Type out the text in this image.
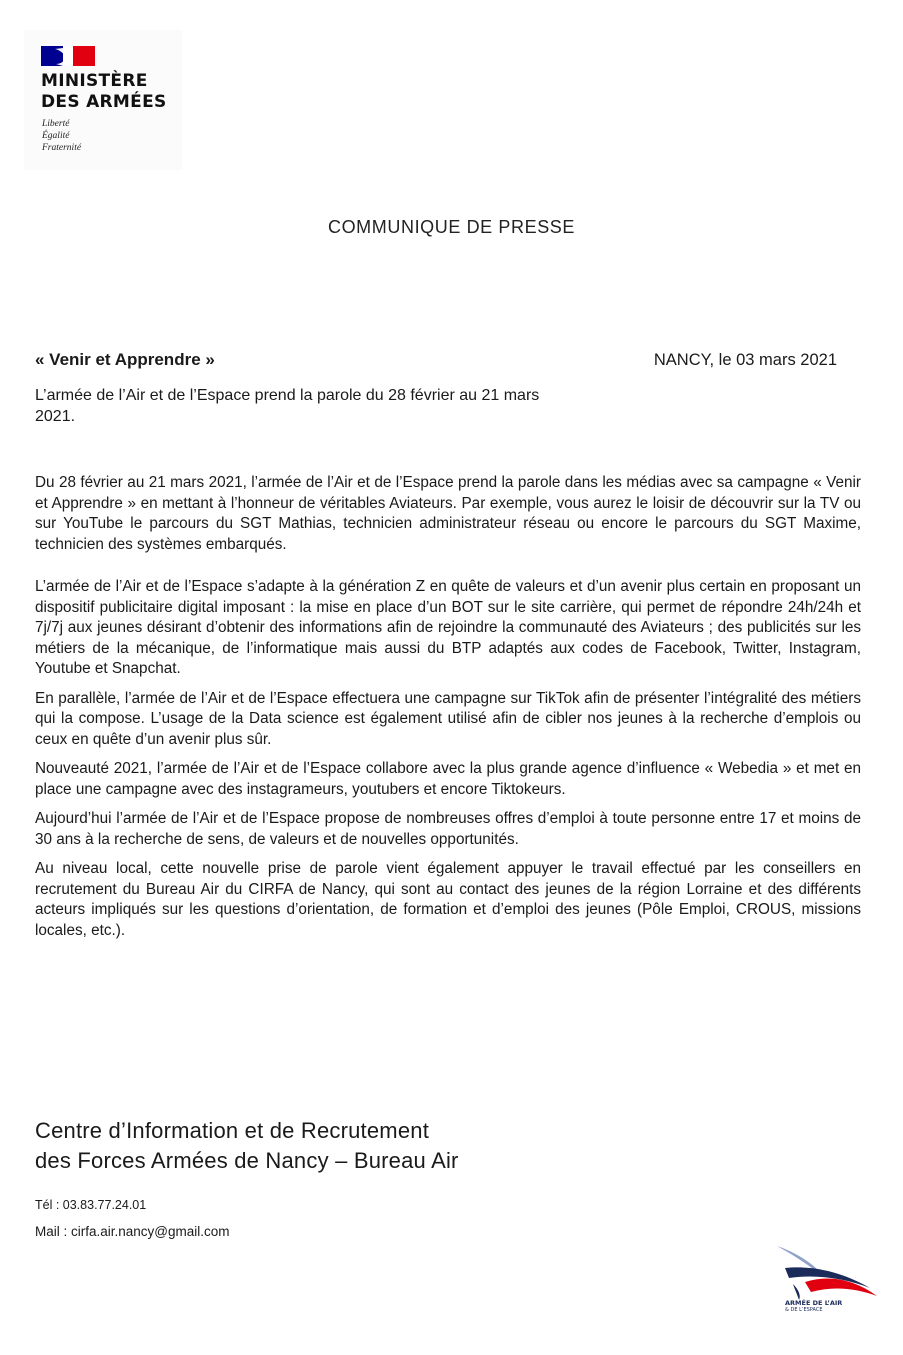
MINISTÈRE
DES ARMÉES
Liberté
Égalité
Fraternité
COMMUNIQUE DE PRESSE
« Venir et Apprendre »	NANCY, le 03 mars 2021
L’armée de l’Air et de l’Espace prend la parole du 28 février au 21 mars 2021.

Du 28 février au 21 mars 2021, l’armée de l’Air et de l’Espace prend la parole dans les médias avec sa campagne « Venir et Apprendre » en mettant à l’honneur de véritables Aviateurs. Par exemple, vous aurez le loisir de découvrir sur la TV ou sur YouTube le parcours du SGT Mathias, technicien administrateur réseau ou encore le parcours du SGT Maxime, technicien des systèmes embarqués.

L’armée de l’Air et de l’Espace s’adapte à la génération Z en quête de valeurs et d’un avenir plus certain en proposant un dispositif publicitaire digital imposant : la mise en place d’un BOT sur le site carrière, qui permet de répondre 24h/24h et 7j/7j aux jeunes désirant d’obtenir des informations afin de rejoindre la communauté des Aviateurs ; des publicités sur les métiers de la mécanique, de l’informatique mais aussi du BTP adaptés aux codes de Facebook, Twitter, Instagram, Youtube et Snapchat.

En parallèle, l’armée de l’Air et de l’Espace effectuera une campagne sur TikTok afin de présenter l’intégralité des métiers qui la compose. L’usage de la Data science est également utilisé afin de cibler nos jeunes à la recherche d’emplois ou ceux en quête d’un avenir plus sûr.

Nouveauté 2021, l’armée de l’Air et de l’Espace collabore avec la plus grande agence d’influence « Webedia » et met en place une campagne avec des instagrameurs, youtubers et encore Tiktokeurs.

Aujourd’hui l’armée de l’Air et de l’Espace propose de nombreuses offres d’emploi à toute personne entre 17 et moins de 30 ans à la recherche de sens, de valeurs et de nouvelles opportunités.

Au niveau local, cette nouvelle prise de parole vient également appuyer le travail effectué par les conseillers en recrutement du Bureau Air du CIRFA de Nancy, qui sont au contact des jeunes de la région Lorraine et des différents acteurs impliqués sur les questions d’orientation, de formation et d’emploi des jeunes (Pôle Emploi, CROUS, missions locales, etc.).

Centre d’Information et de Recrutement
des Forces Armées de Nancy – Bureau Air
Tél : 03.83.77.24.01
Mail : cirfa.air.nancy@gmail.com
ARMÉE DE L’AIR
& DE L’ESPACE
